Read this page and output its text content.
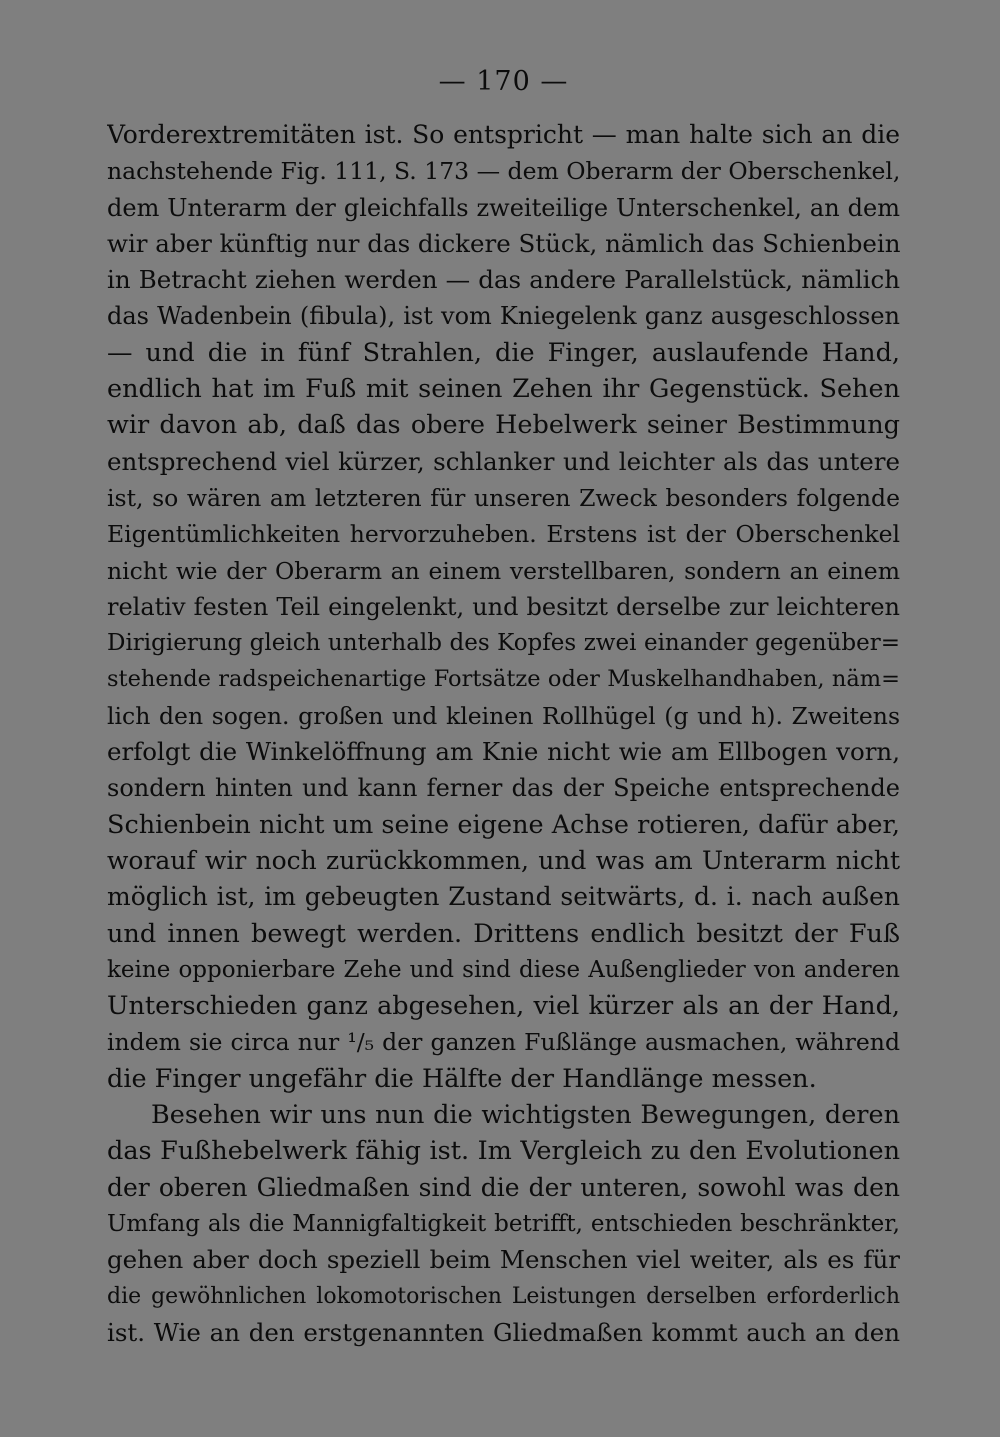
— 170 —
Vorderextremitäten ist. So entspricht — man halte sich an die
nachstehende Fig. 111, S. 173 — dem Oberarm der Oberschenkel,
dem Unterarm der gleichfalls zweiteilige Unterschenkel, an dem
wir aber künftig nur das dickere Stück, nämlich das Schienbein
in Betracht ziehen werden — das andere Parallelstück, nämlich
das Wadenbein (fibula), ist vom Kniegelenk ganz ausgeschlossen
— und die in fünf Strahlen, die Finger, auslaufende Hand,
endlich hat im Fuß mit seinen Zehen ihr Gegenstück. Sehen
wir davon ab, daß das obere Hebelwerk seiner Bestimmung
entsprechend viel kürzer, schlanker und leichter als das untere
ist, so wären am letzteren für unseren Zweck besonders folgende
Eigentümlichkeiten hervorzuheben. Erstens ist der Oberschenkel
nicht wie der Oberarm an einem verstellbaren, sondern an einem
relativ festen Teil eingelenkt, und besitzt derselbe zur leichteren
Dirigierung gleich unterhalb des Kopfes zwei einander gegenüber=
stehende radspeichenartige Fortsätze oder Muskelhandhaben, näm=
lich den sogen. großen und kleinen Rollhügel (g und h). Zweitens
erfolgt die Winkelöffnung am Knie nicht wie am Ellbogen vorn,
sondern hinten und kann ferner das der Speiche entsprechende
Schienbein nicht um seine eigene Achse rotieren, dafür aber,
worauf wir noch zurückkommen, und was am Unterarm nicht
möglich ist, im gebeugten Zustand seitwärts, d. i. nach außen
und innen bewegt werden. Drittens endlich besitzt der Fuß
keine opponierbare Zehe und sind diese Außenglieder von anderen
Unterschieden ganz abgesehen, viel kürzer als an der Hand,
indem sie circa nur ¹/₅ der ganzen Fußlänge ausmachen, während
die Finger ungefähr die Hälfte der Handlänge messen.
Besehen wir uns nun die wichtigsten Bewegungen, deren
das Fußhebelwerk fähig ist. Im Vergleich zu den Evolutionen
der oberen Gliedmaßen sind die der unteren, sowohl was den
Umfang als die Mannigfaltigkeit betrifft, entschieden beschränkter,
gehen aber doch speziell beim Menschen viel weiter, als es für
die gewöhnlichen lokomotorischen Leistungen derselben erforderlich
ist. Wie an den erstgenannten Gliedmaßen kommt auch an den
